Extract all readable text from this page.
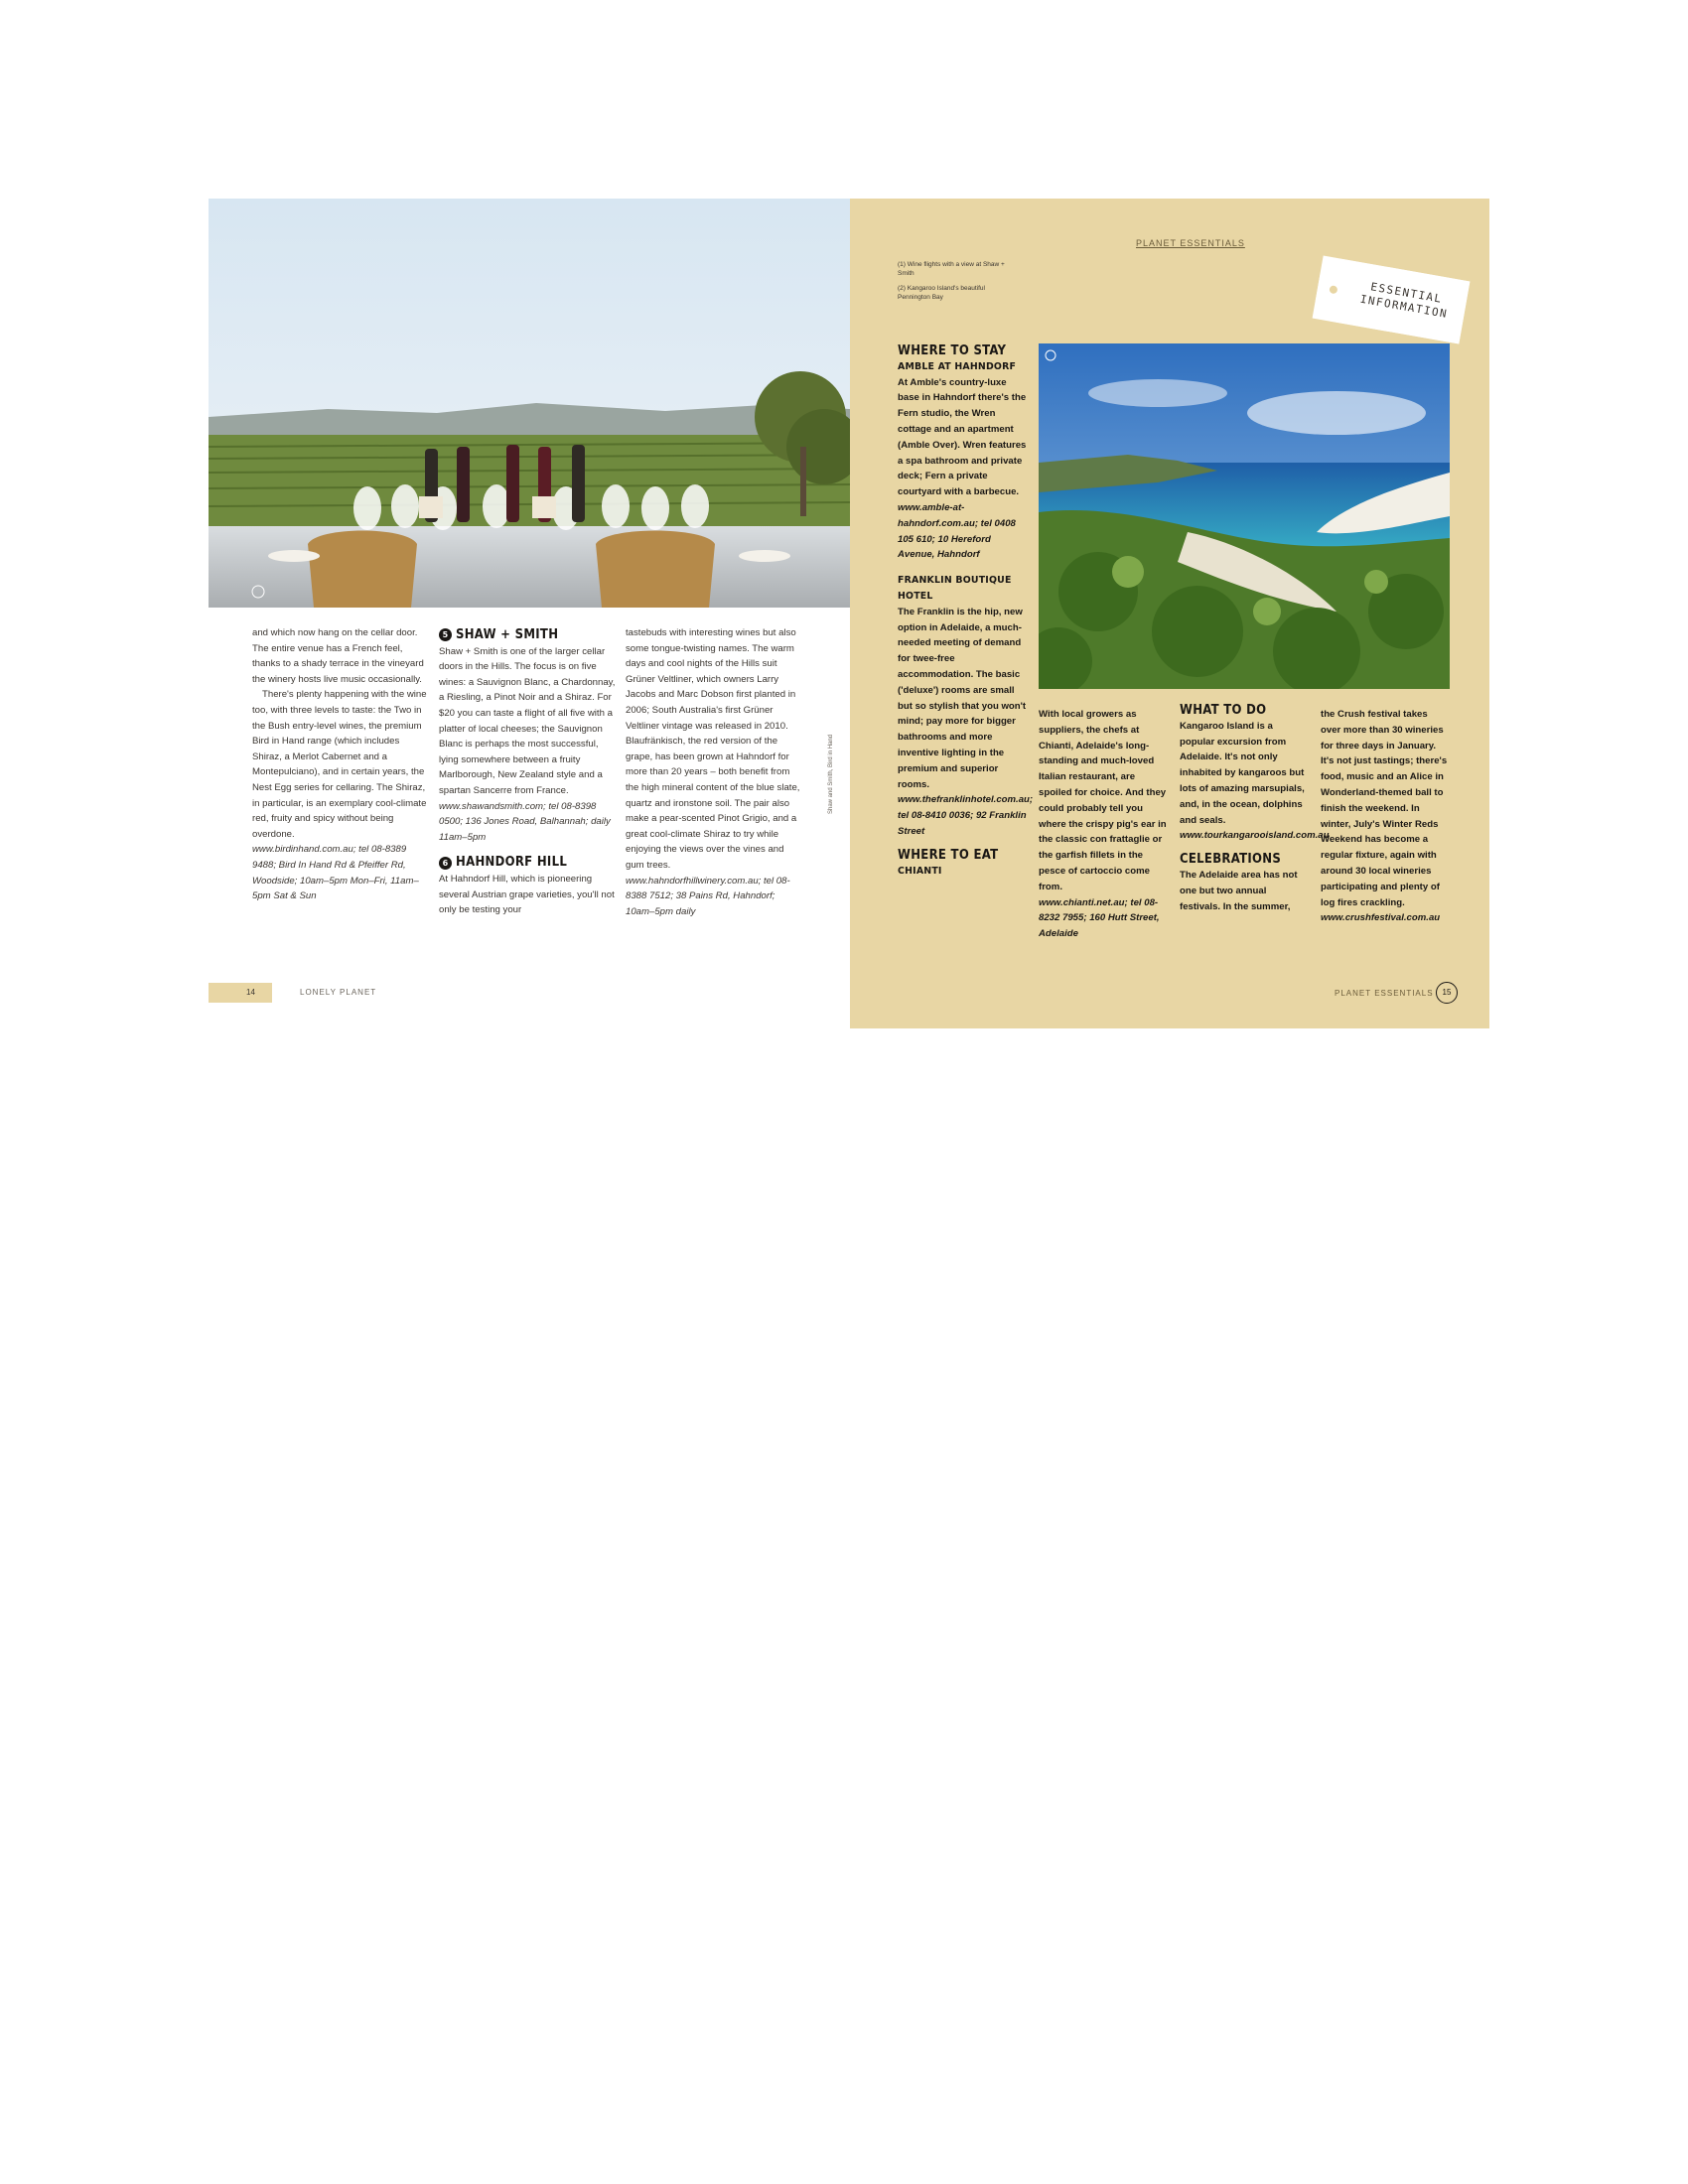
and which now hang on the cellar door. The entire venue has a French feel, thanks to a shady terrace in the vineyard the winery hosts live music occasionally.

There's plenty happening with the wine too, with three levels to taste: the Two in the Bush entry-level wines, the premium Bird in Hand range (which includes Shiraz, a Merlot Cabernet and a Montepulciano), and in certain years, the Nest Egg series for cellaring. The Shiraz, in particular, is an exemplary cool-climate red, fruity and spicy without being overdone.

www.birdinhand.com.au; tel 08-8389 9488; Bird In Hand Rd & Pfeiffer Rd, Woodside; 10am–5pm Mon–Fri, 11am–5pm Sat & Sun

5 SHAW + SMITH

Shaw + Smith is one of the larger cellar doors in the Hills. The focus is on five wines: a Sauvignon Blanc, a Chardonnay, a Riesling, a Pinot Noir and a Shiraz. For $20 you can taste a flight of all five with a platter of local cheeses; the Sauvignon Blanc is perhaps the most successful, lying somewhere between a fruity Marlborough, New Zealand style and a spartan Sancerre from France.

www.shawandsmith.com; tel 08-8398 0500; 136 Jones Road, Balhannah; daily 11am–5pm

6 HAHNDORF HILL

At Hahndorf Hill, which is pioneering several Austrian grape varieties, you'll not only be testing your

tastebuds with interesting wines but also some tongue-twisting names. The warm days and cool nights of the Hills suit Grüner Veltliner, which owners Larry Jacobs and Marc Dobson first planted in 2006; South Australia's first Grüner Veltliner vintage was released in 2010. Blaufränkisch, the red version of the grape, has been grown at Hahndorf for more than 20 years – both benefit from the high mineral content of the blue slate, quartz and ironstone soil. The pair also make a pear-scented Pinot Grigio, and a great cool-climate Shiraz to try while enjoying the views over the vines and gum trees.

www.hahndorfhillwinery.com.au; tel 08-8388 7512; 38 Pains Rd, Hahndorf; 10am–5pm daily

Shaw and Smith, Bird in Hand
14	LONELY PLANET
PLANET ESSENTIALS

(1) Wine flights with a view at Shaw + Smith

(2) Kangaroo Island's beautiful Pennington Bay	ESSENTIAL INFORMATION

WHERE TO STAY

AMBLE AT HAHNDORF

At Amble's country-luxe base in Hahndorf there's the Fern studio, the Wren cottage and an apartment (Amble Over). Wren features a spa bathroom and private deck; Fern a private courtyard with a barbecue.

www.amble-at-hahndorf.com.au; tel 0408 105 610; 10 Hereford Avenue, Hahndorf

FRANKLIN BOUTIQUE HOTEL

The Franklin is the hip, new option in Adelaide, a much-needed meeting of demand for twee-free accommodation. The basic ('deluxe') rooms are small but so stylish that you won't mind; pay more for bigger bathrooms and more inventive lighting in the premium and superior rooms.

www.thefranklinhotel.com.au; tel 08-8410 0036; 92 Franklin Street

WHERE TO EAT

CHIANTI

With local growers as suppliers, the chefs at Chianti, Adelaide's long-standing and much-loved Italian restaurant, are spoiled for choice. And they could probably tell you where the crispy pig's ear in the classic con frattaglie or the garfish fillets in the pesce of cartoccio come from.

www.chianti.net.au; tel 08-8232 7955; 160 Hutt Street, Adelaide

WHAT TO DO

Kangaroo Island is a popular excursion from Adelaide. It's not only inhabited by kangaroos but lots of amazing marsupials, and, in the ocean, dolphins and seals.

www.tourkangarooisland.com.au

CELEBRATIONS

The Adelaide area has not one but two annual festivals. In the summer,

the Crush festival takes over more than 30 wineries for three days in January. It's not just tastings; there's food, music and an Alice in Wonderland-themed ball to finish the weekend. In winter, July's Winter Reds Weekend has become a regular fixture, again with around 30 local wineries participating and plenty of log fires crackling.

www.crushfestival.com.au

PLANET ESSENTIALS	15
